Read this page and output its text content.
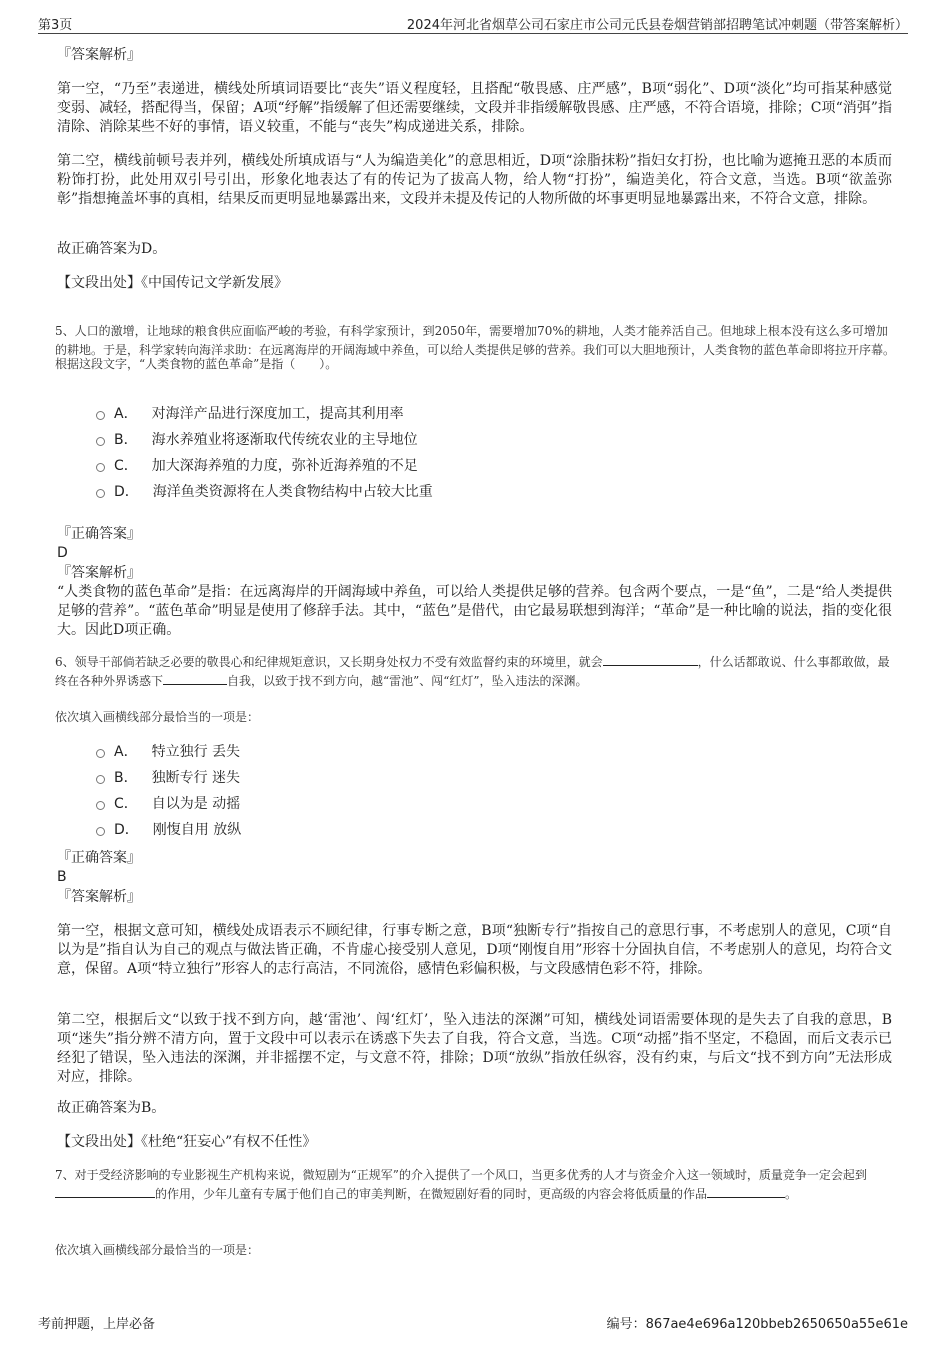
第3页	2024年河北省烟草公司石家庄市公司元氏县卷烟营销部招聘笔试冲刺题（带答案解析）
『答案解析』
第一空，“乃至”表递进，横线处所填词语要比“丧失”语义程度轻，且搭配“敬畏感、庄严感”，B项“弱化”、D项“淡化”均可指某种感觉变弱、减轻，搭配得当，保留；A项“纾解”指缓解了但还需要继续，文段并非指缓解敬畏感、庄严感，不符合语境，排除；C项“消弭”指清除、消除某些不好的事情，语义较重，不能与“丧失”构成递进关系，排除。
第二空，横线前顿号表并列，横线处所填成语与“人为编造美化”的意思相近，D项“涂脂抹粉”指妇女打扮，也比喻为遮掩丑恶的本质而粉饰打扮，此处用双引号引出，形象化地表达了有的传记为了拔高人物，给人物“打扮”，编造美化，符合文意，当选。B项“欲盖弥彰”指想掩盖坏事的真相，结果反而更明显地暴露出来，文段并未提及传记的人物所做的坏事更明显地暴露出来，不符合文意，排除。
故正确答案为D。
【文段出处】《中国传记文学新发展》
5、人口的激增，让地球的粮食供应面临严峻的考验，有科学家预计，到2050年，需要增加70%的耕地，人类才能养活自己。但地球上根本没有这么多可增加的耕地。于是，科学家转向海洋求助：在远离海岸的开阔海域中养鱼，可以给人类提供足够的营养。我们可以大胆地预计，人类食物的蓝色革命即将拉开序幕。
根据这段文字，“人类食物的蓝色革命”是指（　　）。
A． 对海洋产品进行深度加工，提高其利用率
B． 海水养殖业将逐渐取代传统农业的主导地位
C． 加大深海养殖的力度，弥补近海养殖的不足
D． 海洋鱼类资源将在人类食物结构中占较大比重
『正确答案』
D
『答案解析』
“人类食物的蓝色革命”是指：在远离海岸的开阔海域中养鱼，可以给人类提供足够的营养。包含两个要点，一是“鱼”，二是“给人类提供足够的营养”。“蓝色革命”明显是使用了修辞手法。其中，“蓝色”是借代，由它最易联想到海洋；“革命”是一种比喻的说法，指的变化很大。因此D项正确。
6、领导干部倘若缺乏必要的敬畏心和纪律规矩意识，又长期身处权力不受有效监督约束的环境里，就会	，什么话都敢说、什么事都敢做，最终在各种外界诱惑下	自我，以致于找不到方向，越“雷池”、闯“红灯”，坠入违法的深渊。
依次填入画横线部分最恰当的一项是：
A． 特立独行 丢失
B． 独断专行 迷失
C． 自以为是 动摇
D． 刚愎自用 放纵
『正确答案』
B
『答案解析』
第一空，根据文意可知，横线处成语表示不顾纪律，行事专断之意，B项“独断专行”指按自己的意思行事，不考虑别人的意见，C项“自以为是”指自认为自己的观点与做法皆正确，不肯虚心接受别人意见，D项“刚愎自用”形容十分固执自信，不考虑别人的意见，均符合文意，保留。A项“特立独行”形容人的志行高洁，不同流俗，感情色彩偏积极，与文段感情色彩不符，排除。
第二空，根据后文“以致于找不到方向，越‘雷池’、闯‘红灯’，坠入违法的深渊”可知，横线处词语需要体现的是失去了自我的意思，B项“迷失”指分辨不清方向，置于文段中可以表示在诱惑下失去了自我，符合文意，当选。C项“动摇”指不坚定，不稳固，而后文表示已经犯了错误，坠入违法的深渊，并非摇摆不定，与文意不符，排除；D项“放纵”指放任纵容，没有约束，与后文“找不到方向”无法形成对应，排除。
故正确答案为B。
【文段出处】《杜绝“狂妄心”有权不任性》
7、对于受经济影响的专业影视生产机构来说，微短剧为“正规军”的介入提供了一个风口，当更多优秀的人才与资金介入这一领域时，质量竞争一定会起到的作用，少年儿童有专属于他们自己的审美判断，在微短剧好看的同时，更高级的内容会将低质量的作品	。
依次填入画横线部分最恰当的一项是：
考前押题，上岸必备	编号：867ae4e696a120bbeb2650650a55e61e
